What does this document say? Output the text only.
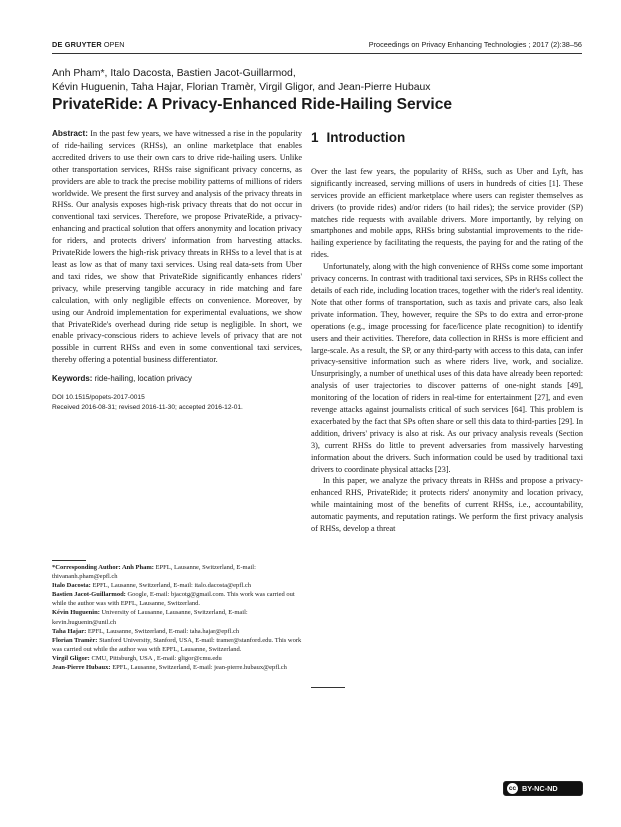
DE GRUYTER OPEN	Proceedings on Privacy Enhancing Technologies ; 2017 (2):38–56
Anh Pham*, Italo Dacosta, Bastien Jacot-Guillarmod,
Kévin Huguenin, Taha Hajar, Florian Tramèr, Virgil Gligor, and Jean-Pierre Hubaux
PrivateRide: A Privacy-Enhanced Ride-Hailing Service
Abstract: In the past few years, we have witnessed a rise in the popularity of ride-hailing services (RHSs), an online marketplace that enables accredited drivers to use their own cars to drive ride-hailing users. Unlike other transportation services, RHSs raise significant privacy concerns, as providers are able to track the precise mobility patterns of millions of riders worldwide. We present the first survey and analysis of the privacy threats in RHSs. Our analysis exposes high-risk privacy threats that do not occur in conventional taxi services. Therefore, we propose PrivateRide, a privacy-enhancing and practical solution that offers anonymity and location privacy for riders, and protects drivers' information from harvesting attacks. PrivateRide lowers the high-risk privacy threats in RHSs to a level that is at least as low as that of many taxi services. Using real data-sets from Uber and taxi rides, we show that PrivateRide significantly enhances riders' privacy, while preserving tangible accuracy in ride matching and fare calculation, with only negligible effects on convenience. Moreover, by using our Android implementation for experimental evaluations, we show that PrivateRide's overhead during ride setup is negligible. In short, we enable privacy-conscious riders to achieve levels of privacy that are not possible in current RHSs and even in some conventional taxi services, thereby offering a potential business differentiator.
Keywords: ride-hailing, location privacy
DOI 10.1515/popets-2017-0015
Received 2016-08-31; revised 2016-11-30; accepted 2016-12-01.

*Corresponding Author: Anh Pham: EPFL, Lausanne, Switzerland, E-mail: thivananh.pham@epfl.ch

Italo Dacosta: EPFL, Lausanne, Switzerland, E-mail: italo.dacosta@epfl.ch

Bastien Jacot-Guillarmod: Google, E-mail: bjacotg@gmail.com. This work was carried out while the author was with EPFL, Lausanne, Switzerland.

Kévin Huguenin: University of Lausanne, Lausanne, Switzerland, E-mail: kevin.huguenin@unil.ch

Taha Hajar: EPFL, Lausanne, Switzerland, E-mail: taha.hajar@epfl.ch

Florian Tramèr: Stanford University, Stanford, USA, E-mail: tramer@stanford.edu. This work was carried out while the author was with EPFL, Lausanne, Switzerland.

Virgil Gligor: CMU, Pittsburgh, USA , E-mail: gligor@cmu.edu

Jean-Pierre Hubaux: EPFL, Lausanne, Switzerland, E-mail: jean-pierre.hubaux@epfl.ch

1 Introduction

Over the last few years, the popularity of RHSs, such as Uber and Lyft, has significantly increased, serving millions of users in hundreds of cities [1]. These services provide an efficient marketplace where users can register themselves as drivers (to provide rides) and/or riders (to hail rides); the service provider (SP) matches ride requests with available drivers. More importantly, by relying on smartphones and mobile apps, RHSs bring substantial improvements to the ride-hailing experience by facilitating the requests, the paying for and the rating of the rides.

Unfortunately, along with the high convenience of RHSs come some important privacy concerns. In contrast with traditional taxi services, SPs in RHSs collect the details of each ride, including location traces, together with the rider's real identity. Note that other forms of transportation, such as taxis and private cars, also leak private information. They, however, require the SPs to do extra and error-prone operations (e.g., image processing for face/licence plate recognition) to identify users and their activities. Therefore, data collection in RHSs is more efficient and large-scale. As a result, the SP, or any third-party with access to this data, can infer privacy-sensitive information such as where riders live, work, and socialize. Unsurprisingly, a number of unethical uses of this data have already been reported: analysis of user trajectories to discover patterns of one-night stands [49], monitoring of the location of riders in real-time for entertainment [27], and even revenge attacks against journalists critical of such services [64]. This problem is exacerbated by the fact that SPs often share or sell this data to third-parties [29]. In addition, drivers' privacy is also at risk. As our privacy analysis reveals (Section 3), current RHSs do little to prevent adversaries from massively harvesting information about the drivers. Such information could be used by traditional taxi drivers to coordinate physical attacks [23].

In this paper, we analyze the privacy threats in RHSs and propose a privacy-enhanced RHS, PrivateRide; it protects riders' anonymity and location privacy, while maintaining most of the benefits of current RHSs, i.e., accountability, automatic payments, and reputation ratings. We perform the first privacy analysis of RHSs, develop a threat

cc BY-NC-ND
